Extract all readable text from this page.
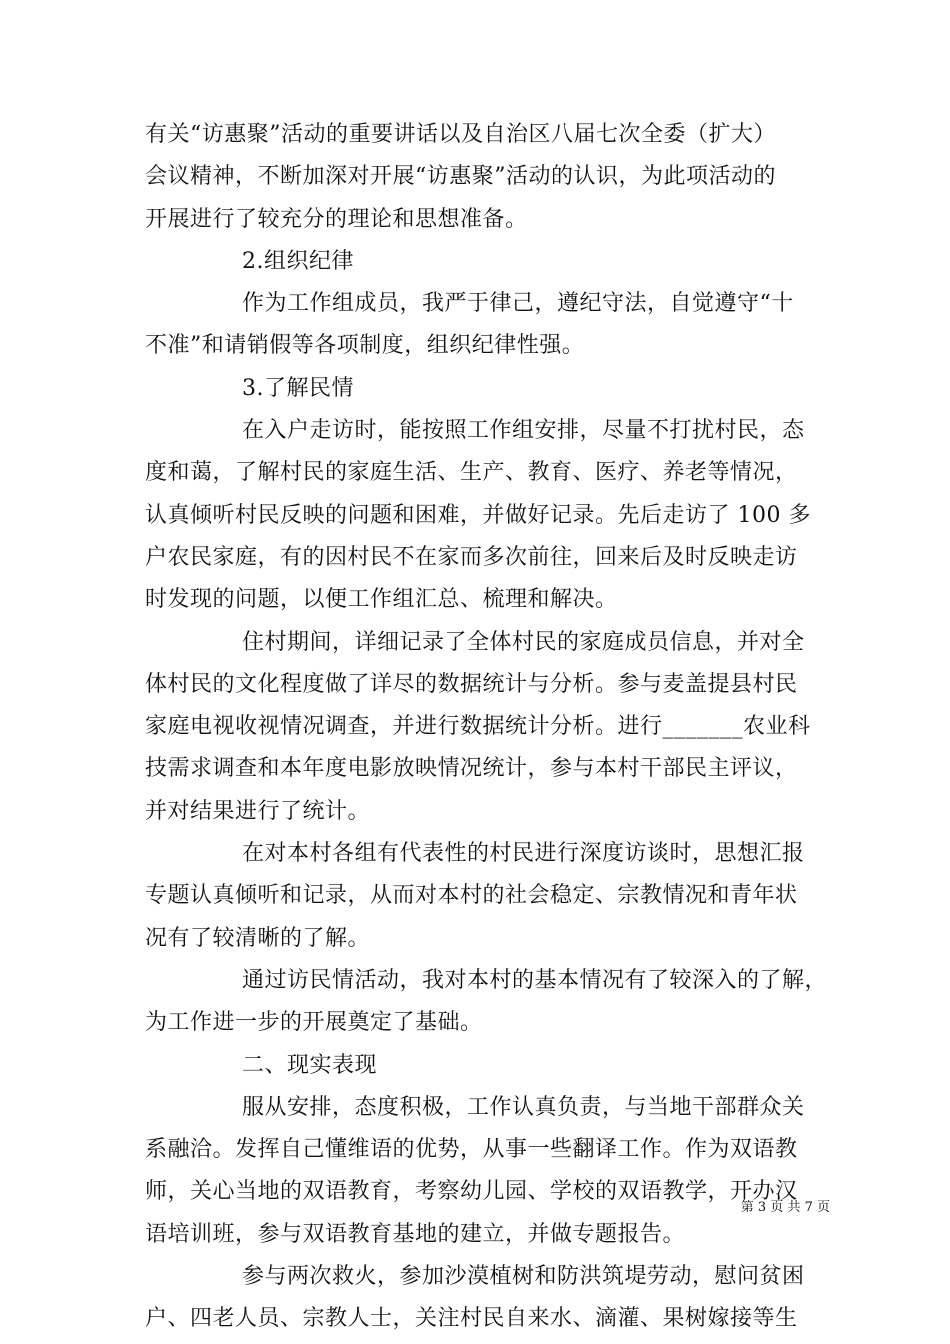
有关“访惠聚”活动的重要讲话以及自治区八届七次全委（扩大）
会议精神，不断加深对开展“访惠聚”活动的认识，为此项活动的
开展进行了较充分的理论和思想准备。
2.组织纪律
作为工作组成员，我严于律己，遵纪守法，自觉遵守“十
不准”和请销假等各项制度，组织纪律性强。
3.了解民情
在入户走访时，能按照工作组安排，尽量不打扰村民，态
度和蔼，了解村民的家庭生活、生产、教育、医疗、养老等情况，
认真倾听村民反映的问题和困难，并做好记录。先后走访了 100 多
户农民家庭，有的因村民不在家而多次前往，回来后及时反映走访
时发现的问题，以便工作组汇总、梳理和解决。
住村期间，详细记录了全体村民的家庭成员信息，并对全
体村民的文化程度做了详尽的数据统计与分析。参与麦盖提县村民
家庭电视收视情况调查，并进行数据统计分析。进行_______农业科
技需求调查和本年度电影放映情况统计，参与本村干部民主评议，
并对结果进行了统计。
在对本村各组有代表性的村民进行深度访谈时，思想汇报
专题认真倾听和记录，从而对本村的社会稳定、宗教情况和青年状
况有了较清晰的了解。
通过访民情活动，我对本村的基本情况有了较深入的了解，
为工作进一步的开展奠定了基础。
二、现实表现
服从安排，态度积极，工作认真负责，与当地干部群众关
系融洽。发挥自己懂维语的优势，从事一些翻译工作。作为双语教
师，关心当地的双语教育，考察幼儿园、学校的双语教学，开办汉
语培训班，参与双语教育基地的建立，并做专题报告。
参与两次救火，参加沙漠植树和防洪筑堤劳动，慰问贫困
户、四老人员、宗教人士，关注村民自来水、滴灌、果树嫁接等生
第 3 页 共 7 页
